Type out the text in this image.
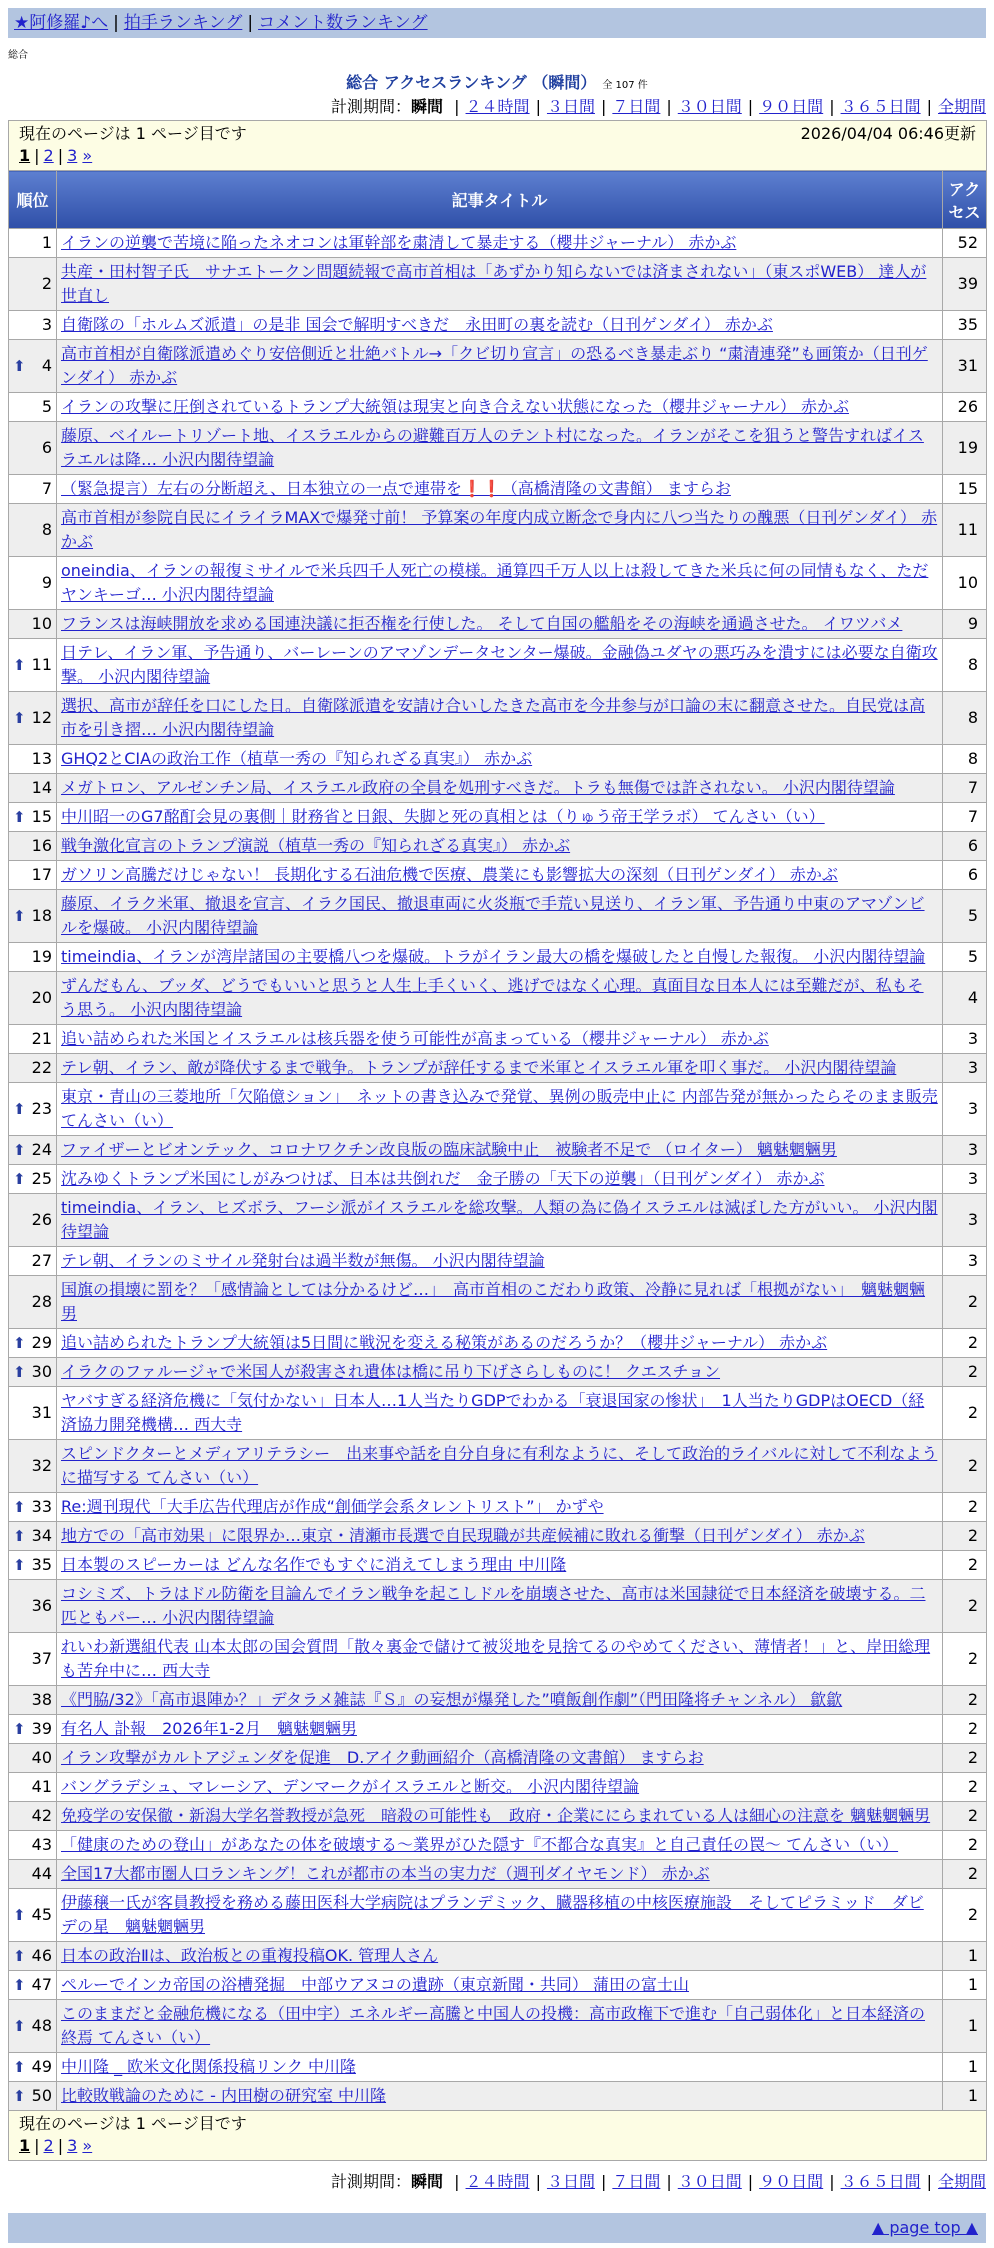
★阿修羅♪へ | 拍手ランキング | コメント数ランキング
総合
総合 アクセスランキング （瞬間） 全 107 件
計測期間：瞬間 | ２４時間 | ３日間 | ７日間 | ３０日間 | ９０日間 | ３６５日間 | 全期間
現在のページは 1 ページ目です 2026/04/04 06:46更新
1 | 2 | 3 »		

順位	記事タイトル	アクセス
1	イランの逆襲で苦境に陥ったネオコンは軍幹部を粛清して暴走する（櫻井ジャーナル） 赤かぶ	52
2	共産・田村智子氏　サナエトークン問題続報で高市首相は「あずかり知らないでは済まされない」（東スポWEB） 達人が世直し	39
3	自衛隊の「ホルムズ派遣」の是非 国会で解明すべきだ　永田町の裏を読む（日刊ゲンダイ） 赤かぶ	35

⬆ 4	高市首相が自衛隊派遣めぐり安倍側近と壮絶バトル→「クビ切り宣言」の恐るべき暴走ぶり “粛清連発”も画策か（日刊ゲンダイ） 赤かぶ	31
5	イランの攻撃に圧倒されているトランプ大統領は現実と向き合えない状態になった（櫻井ジャーナル） 赤かぶ	26
6	藤原、ベイルートリゾート地、イスラエルからの避難百万人のテント村になった。イランがそこを狙うと警告すればイスラエルは降… 小沢内閣待望論	19
7	（緊急提言）左右の分断超え、日本独立の一点で連帯を❗❗（高橋清隆の文書館） ますらお	15
8	高市首相が参院自民にイライラMAXで爆発寸前！ 予算案の年度内成立断念で身内に八つ当たりの醜悪（日刊ゲンダイ） 赤かぶ	11
9	oneindia、イランの報復ミサイルで米兵四千人死亡の模様。通算四千万人以上は殺してきた米兵に何の同情もなく、ただヤンキーゴ… 小沢内閣待望論	10
10	フランスは海峡開放を求める国連決議に拒否権を行使した。 そして自国の艦船をその海峡を通過させた。 イワツバメ	9

⬆ 11	日テレ、イラン軍、予告通り、バーレーンのアマゾンデータセンター爆破。金融偽ユダヤの悪巧みを潰すには必要な自衛攻撃。 小沢内閣待望論	8

⬆ 12	選択、高市が辞任を口にした日。自衛隊派遣を安請け合いしたきた高市を今井参与が口論の末に翻意させた。自民党は高市を引き摺… 小沢内閣待望論	8
13	GHQ2とCIAの政治工作（植草一秀の『知られざる真実』） 赤かぶ	8
14	メガトロン、アルゼンチン局、イスラエル政府の全員を処刑すべきだ。トラも無傷では許されない。 小沢内閣待望論	7

⬆ 15	中川昭一のG7酩酊会見の裏側｜財務省と日銀、失脚と死の真相とは（りゅう帝王学ラボ） てんさい（い）	7
16	戦争激化宣言のトランプ演説（植草一秀の『知られざる真実』） 赤かぶ	6
17	ガソリン高騰だけじゃない！ 長期化する石油危機で医療、農業にも影響拡大の深刻（日刊ゲンダイ） 赤かぶ	6

⬆ 18	藤原、イラク米軍、撤退を宣言、イラク国民、撤退車両に火炎瓶で手荒い見送り、イラン軍、予告通り中東のアマゾンビルを爆破。 小沢内閣待望論	5
19	timeindia、イランが湾岸諸国の主要橋八つを爆破。トラがイラン最大の橋を爆破したと自慢した報復。 小沢内閣待望論	5
20	ずんだもん、ブッダ、どうでもいいと思うと人生上手くいく、逃げではなく心理。真面目な日本人には至難だが、私もそう思う。 小沢内閣待望論	4
21	追い詰められた米国とイスラエルは核兵器を使う可能性が高まっている（櫻井ジャーナル） 赤かぶ	3
22	テレ朝、イラン、敵が降伏するまで戦争。トランプが辞任するまで米軍とイスラエル軍を叩く事だ。 小沢内閣待望論	3

⬆ 23	東京・青山の三菱地所「欠陥億ション」　ネットの書き込みで発覚、異例の販売中止に 内部告発が無かったらそのまま販売 てんさい（い）	3

⬆ 24	ファイザーとビオンテック、コロナワクチン改良版の臨床試験中止　被験者不足で （ロイター） 魑魅魍魎男	3

⬆ 25	沈みゆくトランプ米国にしがみつけば、日本は共倒れだ　金子勝の「天下の逆襲」（日刊ゲンダイ） 赤かぶ	3
26	timeindia、イラン、ヒズボラ、フーシ派がイスラエルを総攻撃。人類の為に偽イスラエルは滅ぼした方がいい。 小沢内閣待望論	3
27	テレ朝、イランのミサイル発射台は過半数が無傷。 小沢内閣待望論	3
28	国旗の損壊に罰を？「感情論としては分かるけど…」　高市首相のこだわり政策、冷静に見れば「根拠がない」　魑魅魍魎男	2

⬆ 29	追い詰められたトランプ大統領は5日間に戦況を変える秘策があるのだろうか？（櫻井ジャーナル） 赤かぶ	2

⬆ 30	イラクのファルージャで米国人が殺害され遺体は橋に吊り下げさらしものに！ クエスチョン	2
31	ヤバすぎる経済危機に「気付かない」日本人…1人当たりGDPでわかる「衰退国家の惨状」　1人当たりGDPはOECD（経済協力開発機構… 西大寺	2
32	スピンドクターとメディアリテラシー　出来事や話を自分自身に有利なように、そして政治的ライバルに対して不利なように描写する てんさい（い）	2

⬆ 33	Re:週刊現代「大手広告代理店が作成“創価学会系タレントリスト”」 かずや	2

⬆ 34	地方での「高市効果」に限界か…東京・清瀬市長選で自民現職が共産候補に敗れる衝撃（日刊ゲンダイ） 赤かぶ	2

⬆ 35	日本製のスピーカーは どんな名作でもすぐに消えてしまう理由 中川隆	2
36	コシミズ、トラはドル防衛を目論んでイラン戦争を起こしドルを崩壊させた、高市は米国隷従で日本経済を破壊する。二匹ともパー… 小沢内閣待望論	2
37	れいわ新選組代表 山本太郎の国会質問「散々裏金で儲けて被災地を見捨てるのやめてください、薄情者！」と、岸田総理も苦弁中に… 西大寺	2
38	《門脇/32》「高市退陣か？」デタラメ雑誌『Ｓ』の妄想が爆発した”噴飯創作劇”（門田隆将チャンネル） 歙歙	2

⬆ 39	有名人 訃報　2026年1-2月　魑魅魍魎男	2
40	イラン攻撃がカルトアジェンダを促進　D.アイク動画紹介（高橋清隆の文書館） ますらお	2
41	バングラデシュ、マレーシア、デンマークがイスラエルと断交。 小沢内閣待望論	2
42	免疫学の安保徹・新潟大学名誉教授が急死　暗殺の可能性も　政府・企業ににらまれている人は細心の注意を 魑魅魍魎男	2
43	「健康のための登山」があなたの体を破壊する〜業界がひた隠す『不都合な真実』と自己責任の罠〜 てんさい（い）	2
44	全国17大都市圏人口ランキング！これが都市の本当の実力だ（週刊ダイヤモンド） 赤かぶ	2

⬆ 45	伊藤穣一氏が客員教授を務める藤田医科大学病院はプランデミック、臓器移植の中核医療施設　そしてピラミッド　ダビデの星　魑魅魍魎男	2

⬆ 46	日本の政治Ⅱは、政治板との重複投稿OK. 管理人さん	1

⬆ 47	ペルーでインカ帝国の浴槽発掘　中部ウアヌコの遺跡（東京新聞・共同） 蒲田の富士山	1

⬆ 48	このままだと金融危機になる（田中宇）エネルギー高騰と中国人の投機：高市政権下で進む「自己弱体化」と日本経済の終焉 てんさい（い）	1

⬆ 49	中川隆 _ 欧米文化関係投稿リンク 中川隆	1

⬆ 50	比較敗戦論のために - 内田樹の研究室 中川隆	1

現在のページは 1 ページ目です
1 | 2 | 3 »		
計測期間：瞬間 | ２４時間 | ３日間 | ７日間 | ３０日間 | ９０日間 | ３６５日間 | 全期間
▲ page top ▲
